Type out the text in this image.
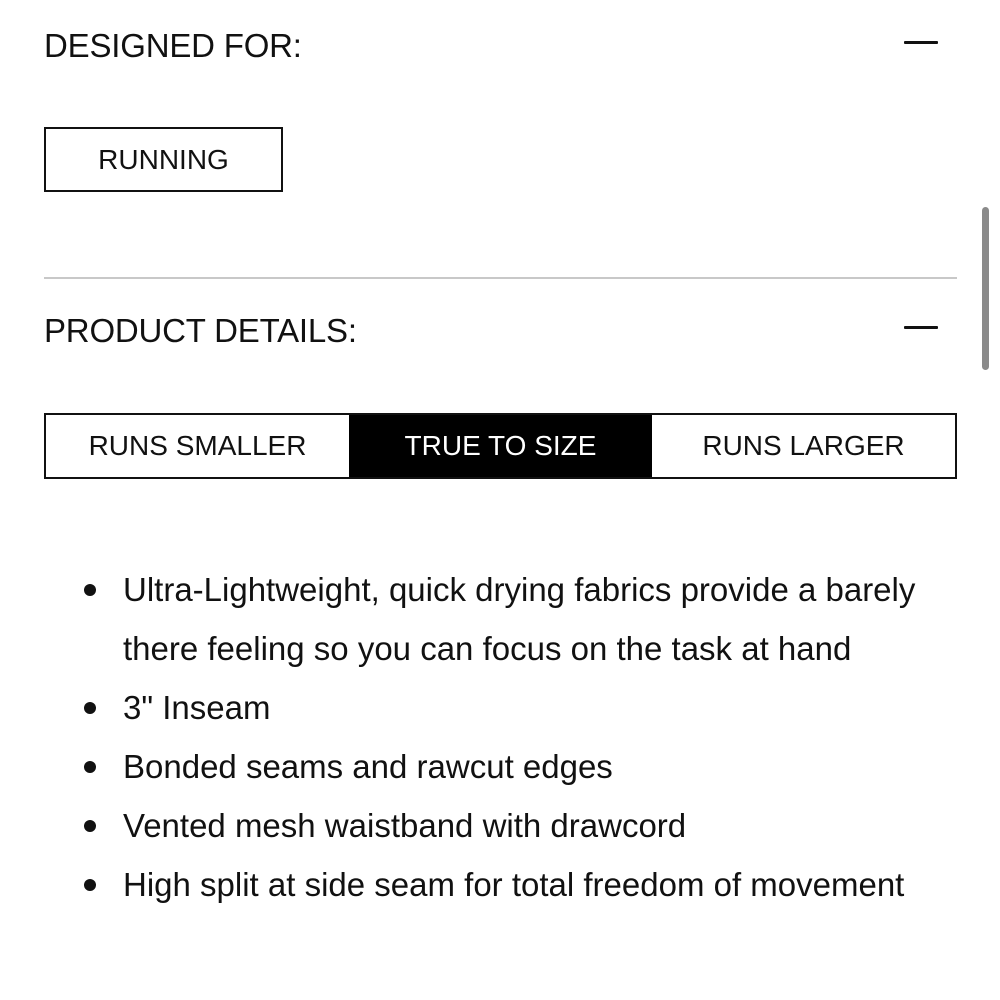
DESIGNED FOR:
RUNNING
PRODUCT DETAILS:
RUNS SMALLER	TRUE TO SIZE	RUNS LARGER
Ultra-Lightweight, quick drying fabrics provide a barely there feeling so you can focus on the task at hand
3" Inseam
Bonded seams and rawcut edges
Vented mesh waistband with drawcord
High split at side seam for total freedom of movement
